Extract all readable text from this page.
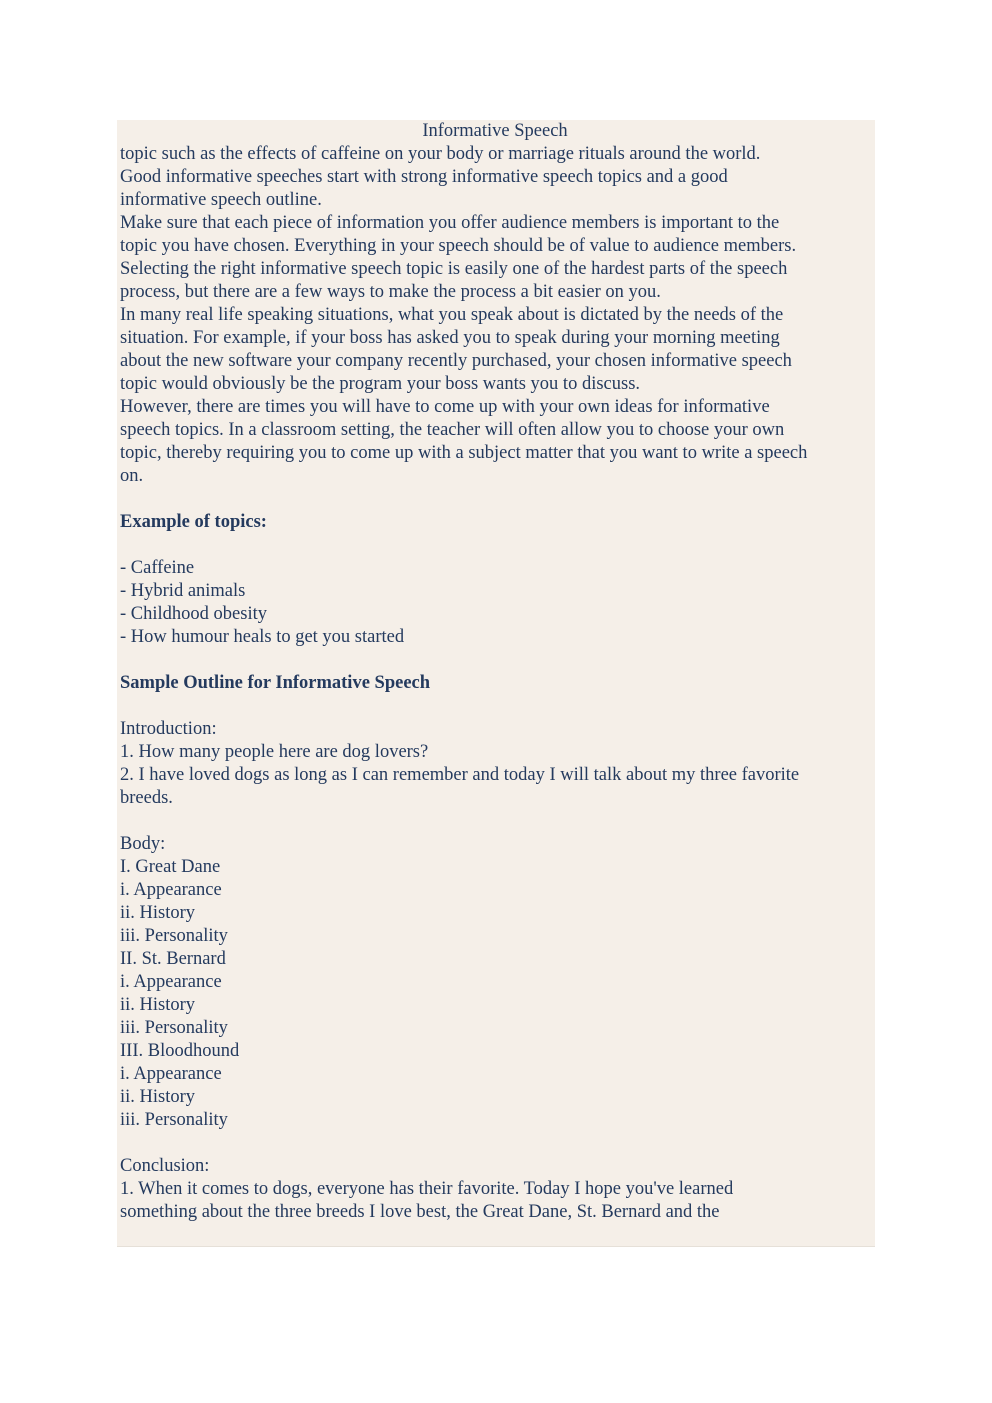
Informative Speech
topic such as the effects of caffeine on your body or marriage rituals around the world.
Good informative speeches start with strong informative speech topics and a good
informative speech outline.
Make sure that each piece of information you offer audience members is important to the
topic you have chosen. Everything in your speech should be of value to audience members.
Selecting the right informative speech topic is easily one of the hardest parts of the speech
process, but there are a few ways to make the process a bit easier on you.
In many real life speaking situations, what you speak about is dictated by the needs of the
situation. For example, if your boss has asked you to speak during your morning meeting
about the new software your company recently purchased, your chosen informative speech
topic would obviously be the program your boss wants you to discuss.
However, there are times you will have to come up with your own ideas for informative
speech topics. In a classroom setting, the teacher will often allow you to choose your own
topic, thereby requiring you to come up with a subject matter that you want to write a speech
on.
Example of topics:
- Caffeine
- Hybrid animals
- Childhood obesity
- How humour heals to get you started
Sample Outline for Informative Speech
Introduction:
1. How many people here are dog lovers?
2. I have loved dogs as long as I can remember and today I will talk about my three favorite
breeds.
Body:
I. Great Dane
i. Appearance
ii. History
iii. Personality
II. St. Bernard
i. Appearance
ii. History
iii. Personality
III. Bloodhound
i. Appearance
ii. History
iii. Personality
Conclusion:
1. When it comes to dogs, everyone has their favorite. Today I hope you've learned
something about the three breeds I love best, the Great Dane, St. Bernard and the
